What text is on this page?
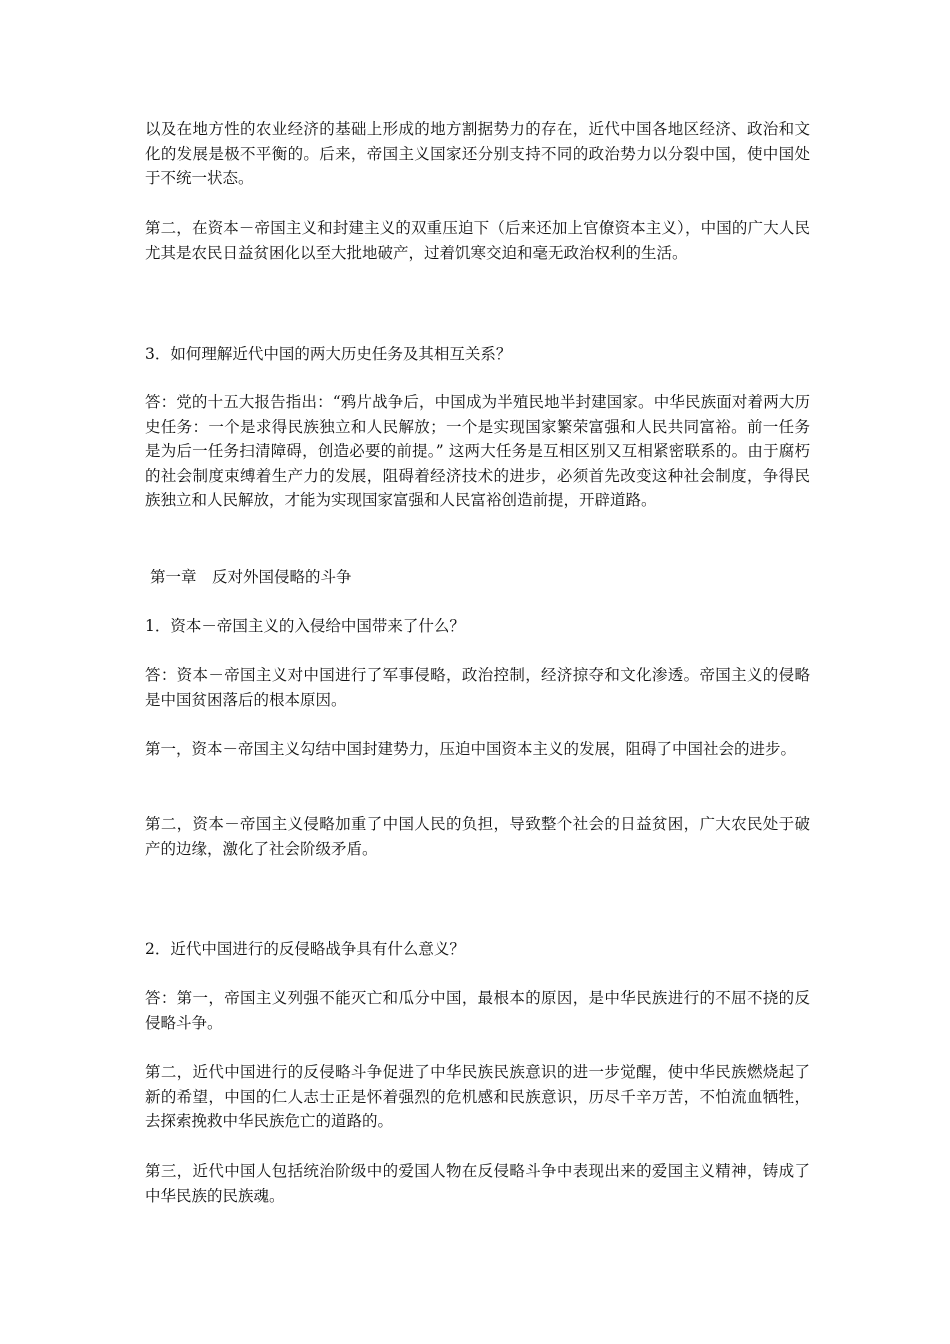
以及在地方性的农业经济的基础上形成的地方割据势力的存在，近代中国各地区经济、政治和文化的发展是极不平衡的。后来，帝国主义国家还分别支持不同的政治势力以分裂中国，使中国处于不统一状态。

第二，在资本－帝国主义和封建主义的双重压迫下（后来还加上官僚资本主义），中国的广大人民尤其是农民日益贫困化以至大批地破产，过着饥寒交迫和毫无政治权利的生活。

3．如何理解近代中国的两大历史任务及其相互关系？

答：党的十五大报告指出：“鸦片战争后，中国成为半殖民地半封建国家。中华民族面对着两大历史任务：一个是求得民族独立和人民解放；一个是实现国家繁荣富强和人民共同富裕。前一任务是为后一任务扫清障碍，创造必要的前提。” 这两大任务是互相区别又互相紧密联系的。由于腐朽的社会制度束缚着生产力的发展，阻碍着经济技术的进步，必须首先改变这种社会制度，争得民族独立和人民解放，才能为实现国家富强和人民富裕创造前提，开辟道路。

第一章　反对外国侵略的斗争

1．资本－帝国主义的入侵给中国带来了什么？

答：资本－帝国主义对中国进行了军事侵略，政治控制，经济掠夺和文化渗透。帝国主义的侵略是中国贫困落后的根本原因。

第一，资本－帝国主义勾结中国封建势力，压迫中国资本主义的发展，阻碍了中国社会的进步。

第二，资本－帝国主义侵略加重了中国人民的负担，导致整个社会的日益贫困，广大农民处于破产的边缘，激化了社会阶级矛盾。

2．近代中国进行的反侵略战争具有什么意义？

答：第一，帝国主义列强不能灭亡和瓜分中国，最根本的原因，是中华民族进行的不屈不挠的反侵略斗争。

第二，近代中国进行的反侵略斗争促进了中华民族民族意识的进一步觉醒，使中华民族燃烧起了新的希望，中国的仁人志士正是怀着强烈的危机感和民族意识，历尽千辛万苦，不怕流血牺牲，去探索挽救中华民族危亡的道路的。

第三，近代中国人包括统治阶级中的爱国人物在反侵略斗争中表现出来的爱国主义精神，铸成了中华民族的民族魂。
